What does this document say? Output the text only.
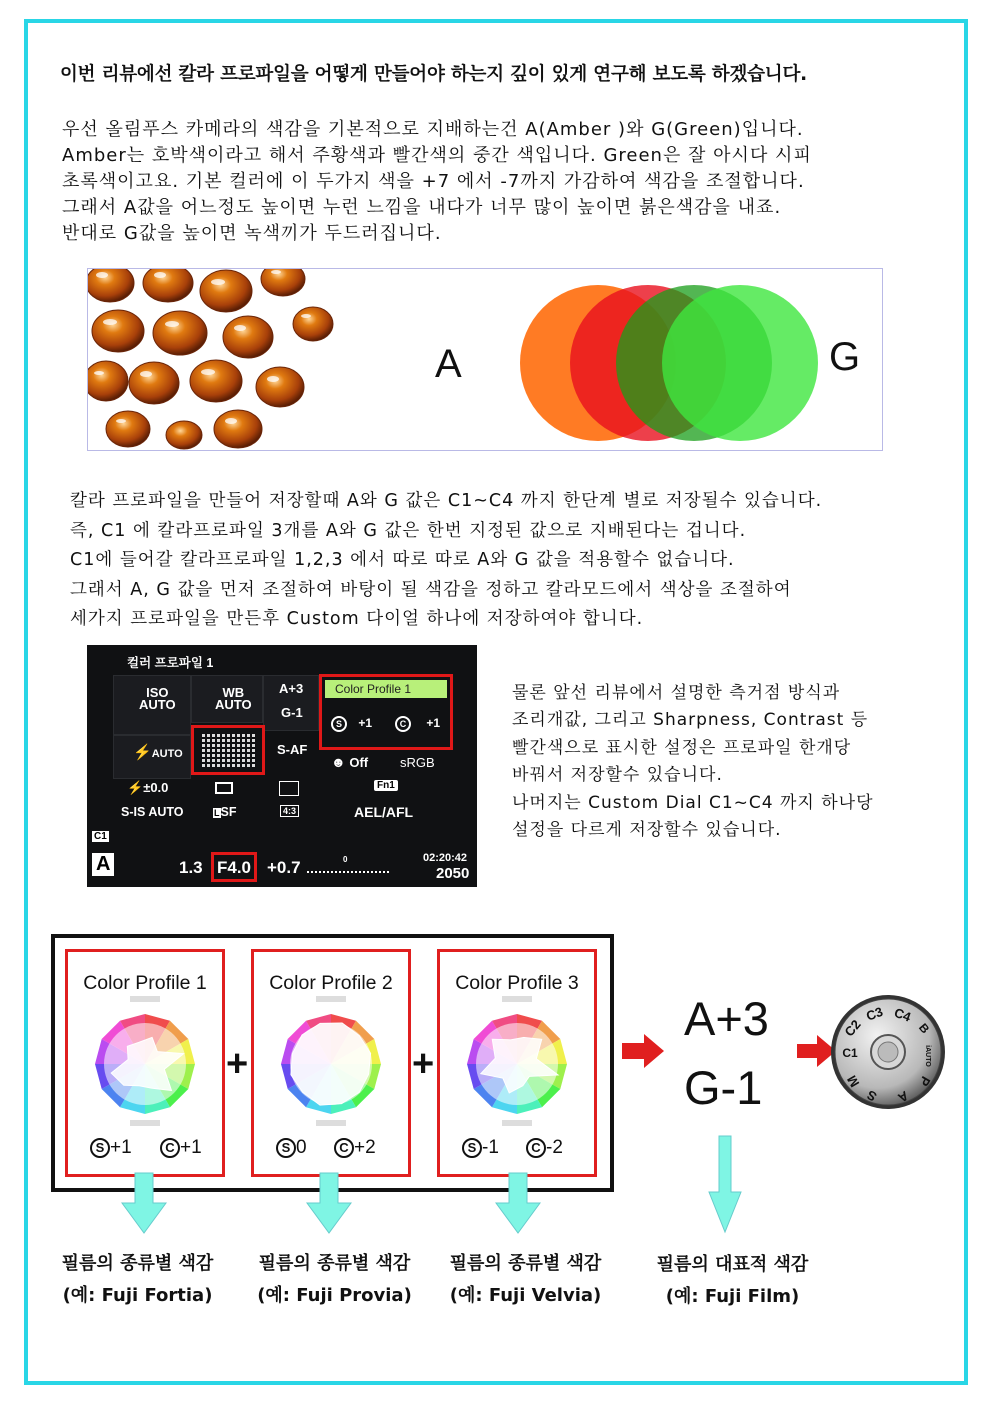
이번 리뷰에선 칼라 프로파일을 어떻게 만들어야 하는지 깊이 있게 연구해 보도록 하겠습니다.
우선 올림푸스 카메라의 색감을 기본적으로 지배하는건 A(Amber )와 G(Green)입니다.
Amber는 호박색이라고 해서 주황색과 빨간색의 중간 색입니다. Green은 잘 아시다 시피
초록색이고요. 기본 컬러에 이 두가지 색을 +7 에서 -7까지 가감하여 색감을 조절합니다.
그래서 A값을 어느정도 높이면 누런 느낌을 내다가 너무 많이 높이면 붉은색감을 내죠.
반대로 G값을 높이면 녹색끼가 두드러집니다.
A	G
칼라 프로파일을 만들어 저장할때 A와 G 값은 C1~C4 까지 한단계 별로 저장될수 있습니다.
즉, C1 에 칼라프로파일 3개를 A와 G 값은 한번 지정된 값으로 지배된다는 겁니다.
C1에 들어갈 칼라프로파일 1,2,3 에서 따로 따로 A와 G 값을 적용할수 없습니다.
그래서 A, G 값을 먼저 조절하여 바탕이 될 색감을 정하고 칼라모드에서 색상을 조절하여
세가지 프로파일을 만든후 Custom 다이얼 하나에 저장하여야 합니다.
컬러 프로파일 1
ISO
AUTO
WB
AUTO
A+3
G-1
Color Profile 1
S +1	C +1
⚡AUTO	S-AF
☻ Off sRGB
⚡±0.0	Fn1
S-IS AUTO	LSF	4:3	AEL/AFL
C1
A	1.3 F4.0 +0.7	0	02:20:42
2050
물론 앞선 리뷰에서 설명한 측거점 방식과
조리개값, 그리고 Sharpness, Contrast 등
빨간색으로 표시한 설정은 프로파일 한개당
바꿔서 저장할수 있습니다.
나머지는 Custom Dial C1~C4 까지 하나당
설정을 다르게 저장할수 있습니다.
Color Profile 1
S +1	C +1
+
Color Profile 2
S 0	C +2
+
Color Profile 3
S -1	C -2
A+3
G-1
C2
C3 C4
B
C1	iAUTO
M
S A
P
필름의 종류별 색감
(예: Fuji Fortia)
필름의 종류별 색감
(예: Fuji Provia)
필름의 종류별 색감
(예: Fuji Velvia)
필름의 대표적 색감
(예: Fuji Film)
